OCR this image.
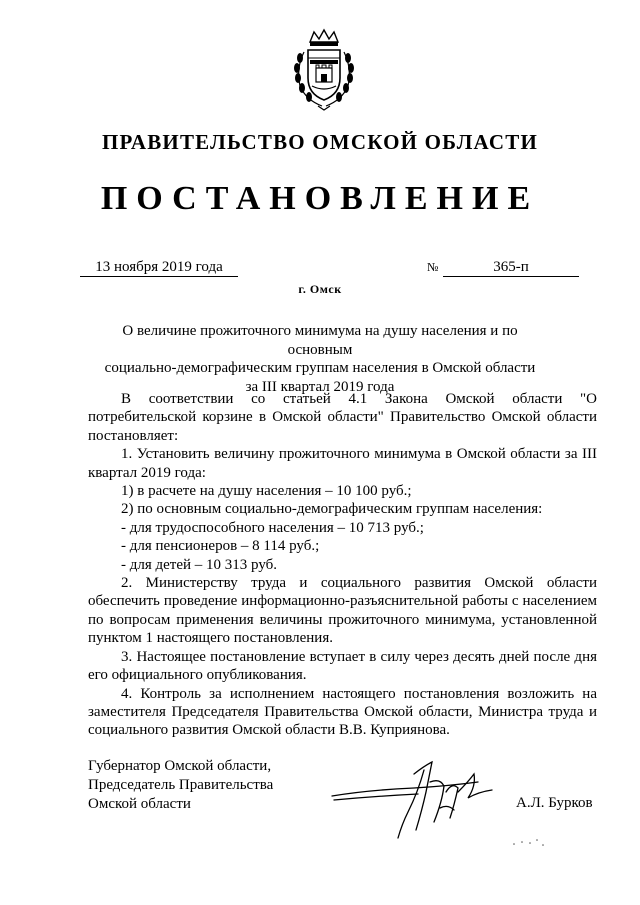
ПРАВИТЕЛЬСТВО ОМСКОЙ ОБЛАСТИ
ПОСТАНОВЛЕНИЕ
13 ноября 2019 года	№	365-п
г. Омск
О величине прожиточного минимума на душу населения и по основным
социально-демографическим группам населения в Омской области
за III квартал 2019 года

В соответствии со статьей 4.1 Закона Омской области "О потребительской корзине в Омской области" Правительство Омской области постановляет:

1. Установить величину прожиточного минимума в Омской области за III квартал 2019 года:

1) в расчете на душу населения – 10 100 руб.;

2) по основным социально-демографическим группам населения:

- для трудоспособного населения – 10 713 руб.;

- для пенсионеров – 8 114 руб.;

- для детей – 10 313 руб.

2. Министерству труда и социального развития Омской области обеспечить проведение информационно-разъяснительной работы с населением по вопросам применения величины прожиточного минимума, установленной пунктом 1 настоящего постановления.

3. Настоящее постановление вступает в силу через десять дней после дня его официального опубликования.

4. Контроль за исполнением настоящего постановления возложить на заместителя Председателя Правительства Омской области, Министра труда и социального развития Омской области В.В. Куприянова.

Губернатор Омской области,
Председатель Правительства
Омской области	А.Л. Бурков
